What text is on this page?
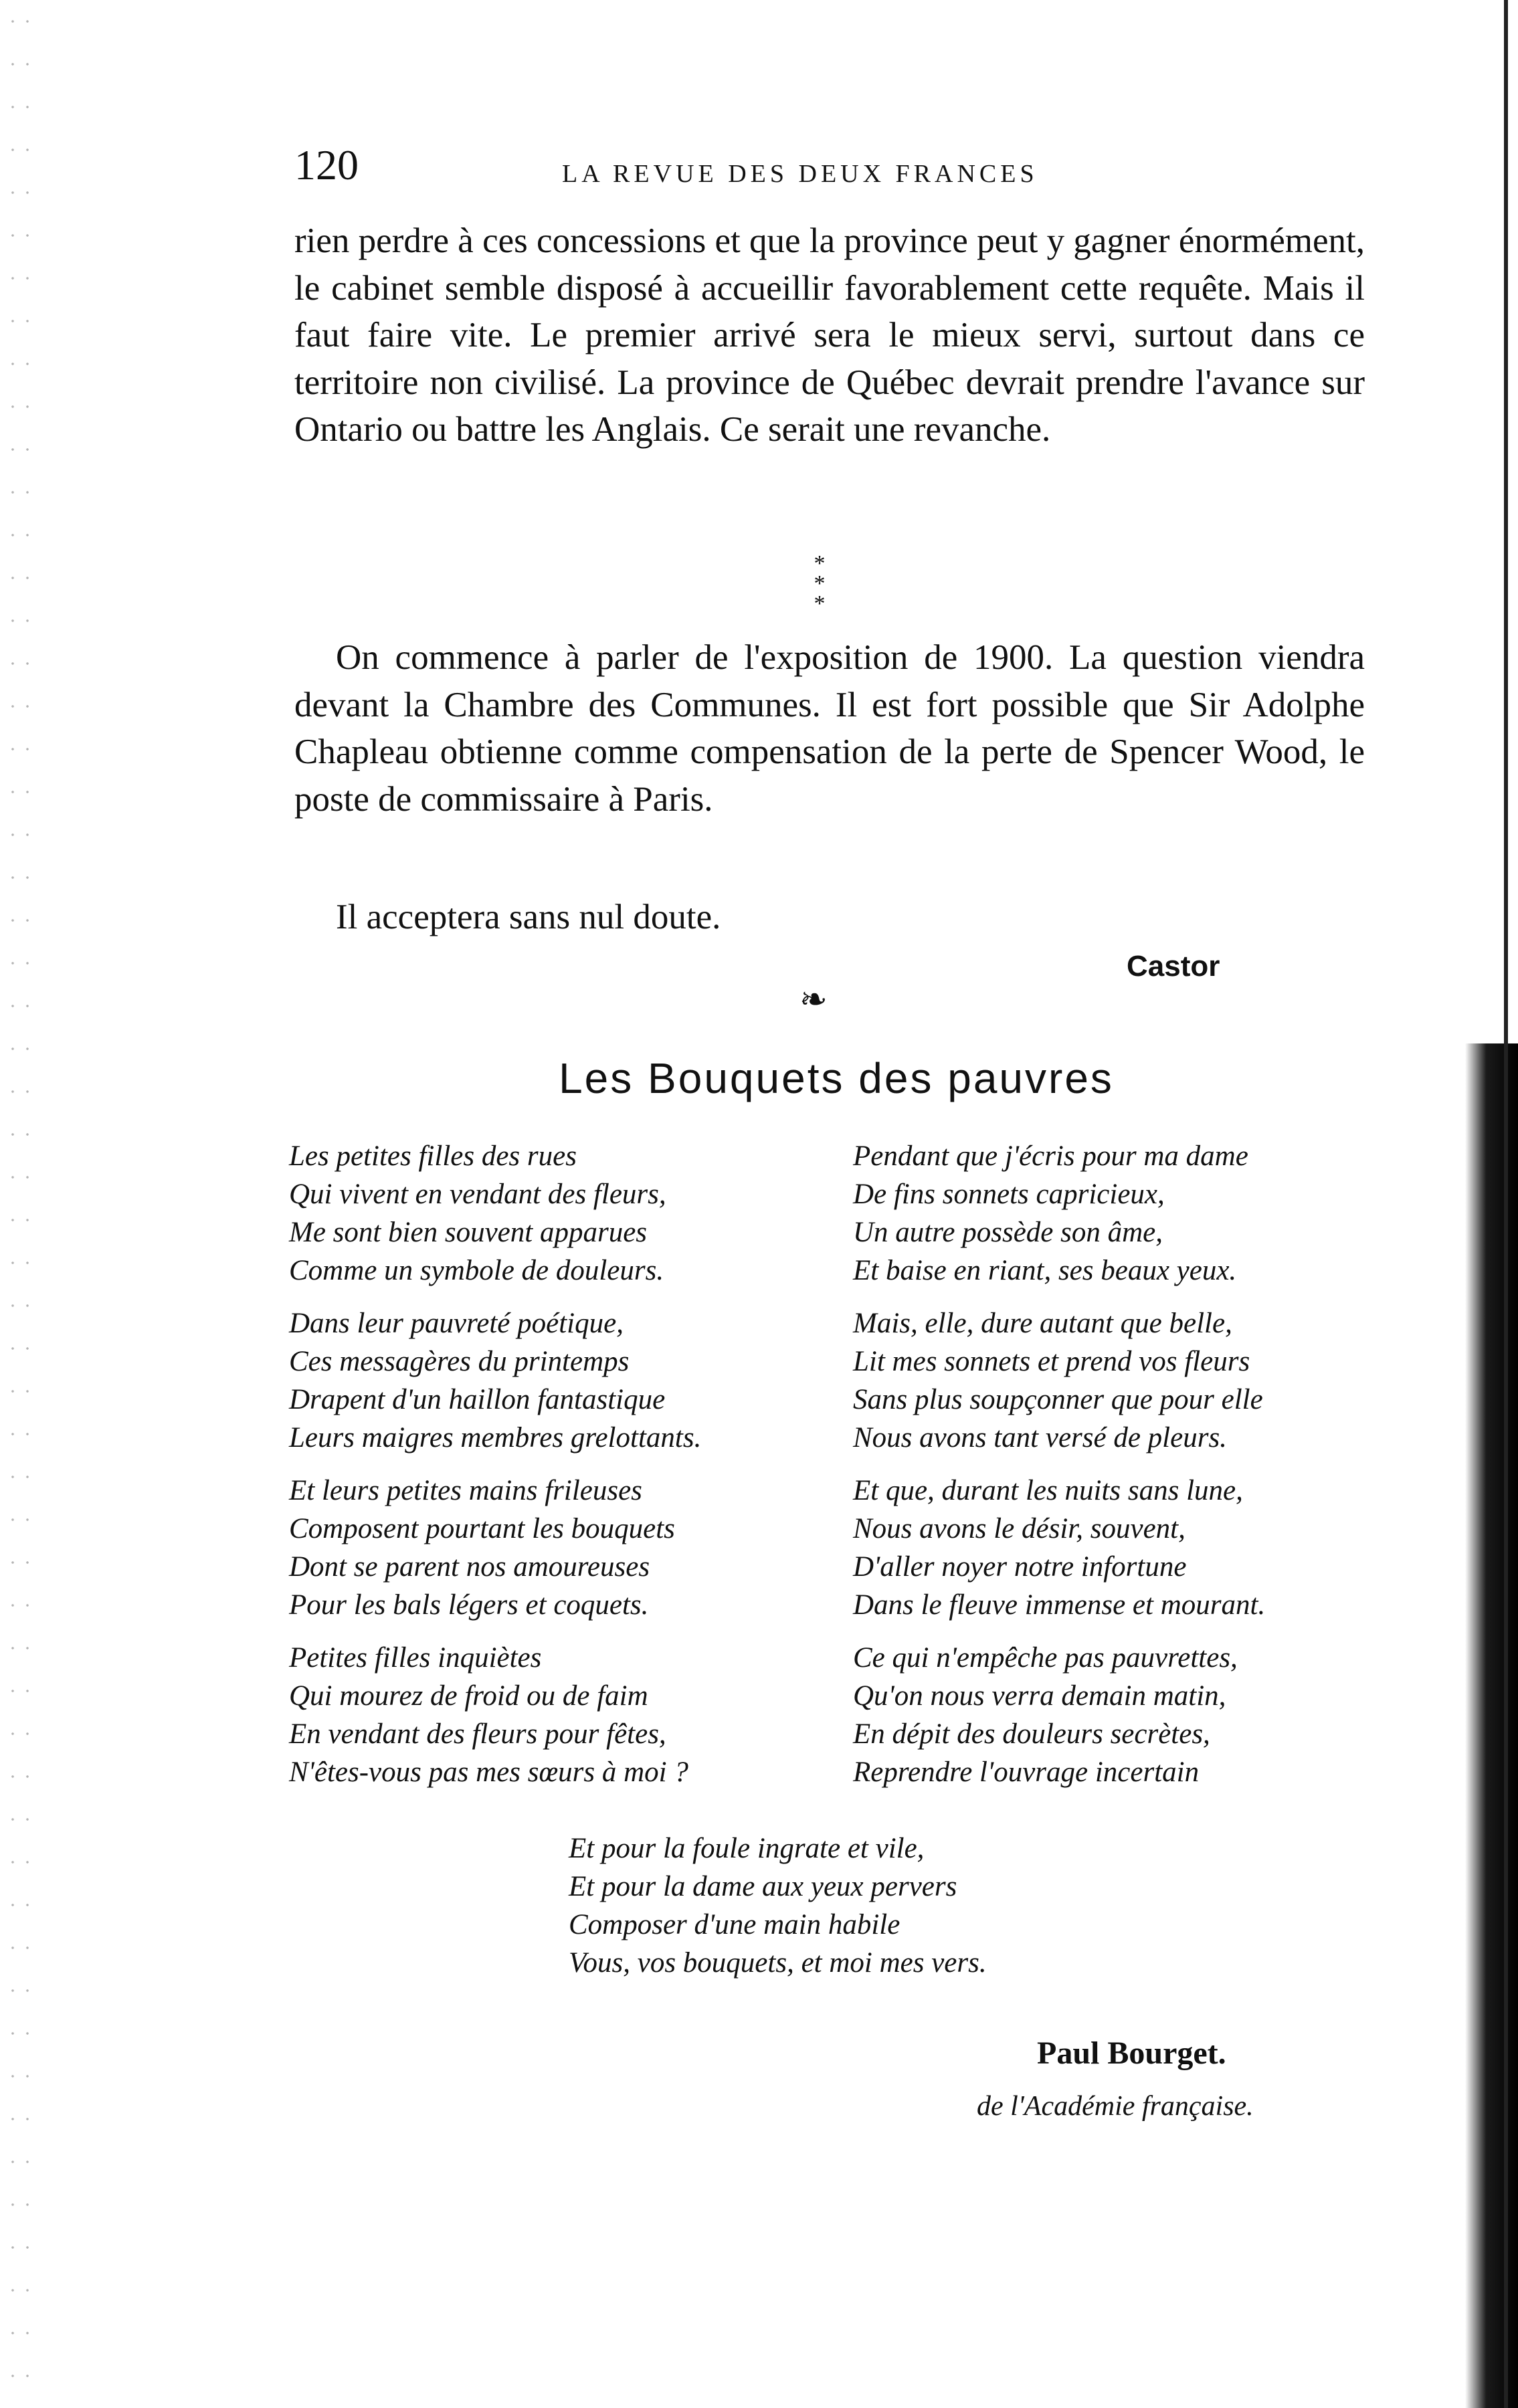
120	LA REVUE DES DEUX FRANCES

rien perdre à ces concessions et que la province peut y gagner énormément, le cabinet semble disposé à accueillir favorablement cette requête. Mais il faut faire vite. Le premier arrivé sera le mieux servi, surtout dans ce territoire non civilisé. La province de Québec devrait prendre l'avance sur Ontario ou battre les Anglais. Ce serait une revanche.

*
* *

On commence à parler de l'exposition de 1900. La question viendra devant la Chambre des Communes. Il est fort possible que Sir Adolphe Chapleau obtienne comme compensation de la perte de Spencer Wood, le poste de commissaire à Paris.

Il acceptera sans nul doute.

Castor
❧
Les Bouquets des pauvres
Les petites filles des rues
Qui vivent en vendant des fleurs,
Me sont bien souvent apparues
Comme un symbole de douleurs.
Dans leur pauvreté poétique,
Ces messagères du printemps
Drapent d'un haillon fantastique
Leurs maigres membres grelottants.
Et leurs petites mains frileuses
Composent pourtant les bouquets
Dont se parent nos amoureuses
Pour les bals légers et coquets.
Petites filles inquiètes
Qui mourez de froid ou de faim
En vendant des fleurs pour fêtes,
N'êtes-vous pas mes sœurs à moi ?
Pendant que j'écris pour ma dame
De fins sonnets capricieux,
Un autre possède son âme,
Et baise en riant, ses beaux yeux.
Mais, elle, dure autant que belle,
Lit mes sonnets et prend vos fleurs
Sans plus soupçonner que pour elle
Nous avons tant versé de pleurs.
Et que, durant les nuits sans lune,
Nous avons le désir, souvent,
D'aller noyer notre infortune
Dans le fleuve immense et mourant.
Ce qui n'empêche pas pauvrettes,
Qu'on nous verra demain matin,
En dépit des douleurs secrètes,
Reprendre l'ouvrage incertain
Et pour la foule ingrate et vile,
Et pour la dame aux yeux pervers
Composer d'une main habile
Vous, vos bouquets, et moi mes vers.
Paul Bourget.
de l'Académie française.
